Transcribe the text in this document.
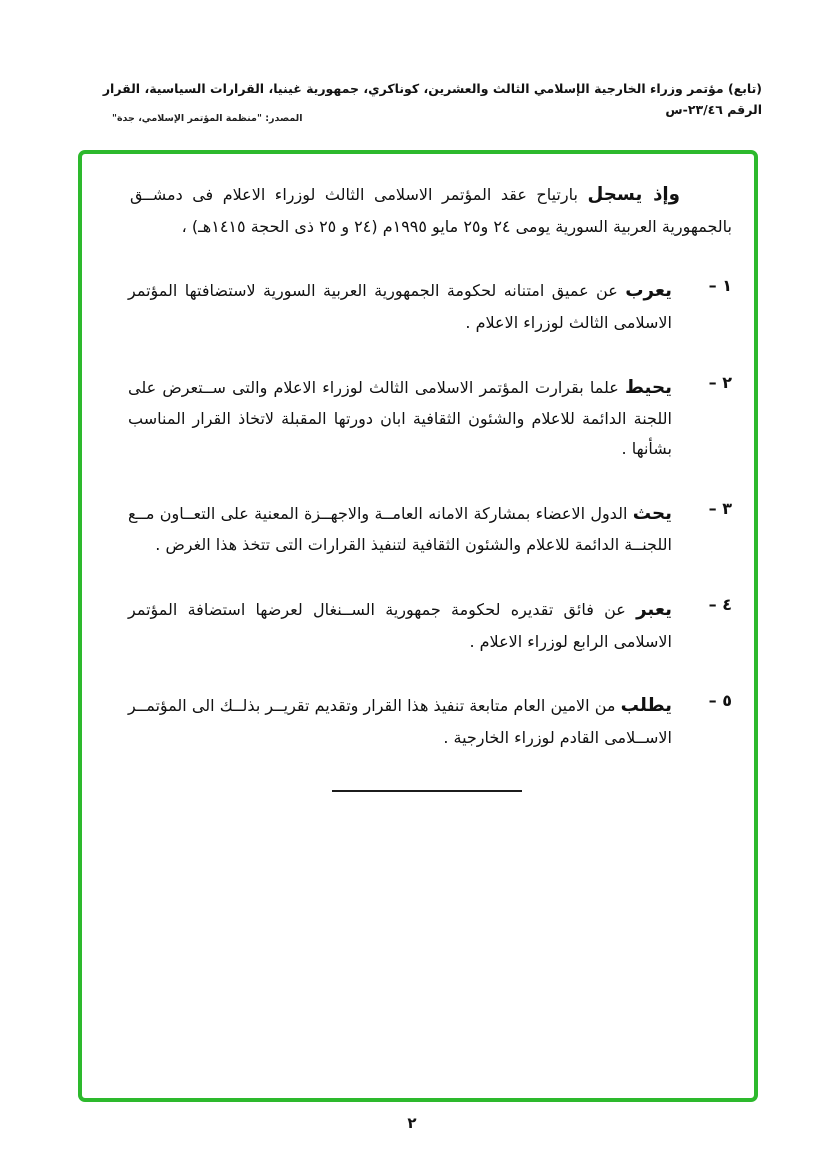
(تابع) مؤتمر وزراء الخارجية الإسلامي الثالث والعشرين، كوناكري، جمهورية غينيا، القرارات السياسية، القرار الرقم ٢٣/٤٦-س
المصدر: "منظمة المؤتمر الإسلامي، جدة"

وإذ يسجل بارتياح عقد المؤتمر الاسلامى الثالث لوزراء الاعلام فى دمشــق بالجمهورية العربية السورية يومى ٢٤ و٢٥ مايو ١٩٩٥م (٢٤ و ٢٥ ذى الحجة ١٤١٥هـ) ،

١ –

يعرب عن عميق امتنانه لحكومة الجمهورية العربية السورية لاستضافتها المؤتمر الاسلامى الثالث لوزراء الاعلام .

٢ –

يحيط علما بقرارت المؤتمر الاسلامى الثالث لوزراء الاعلام والتى ســتعرض على اللجنة الدائمة للاعلام والشئون الثقافية ابان دورتها المقبلة لاتخاذ القرار المناسب بشأنها .

٣ –

يحث الدول الاعضاء بمشاركة الامانه العامــة والاجهــزة المعنية على التعــاون مــع اللجنــة الدائمة للاعلام والشئون الثقافية لتنفيذ القرارات التى تتخذ هذا الغرض .

٤ –

يعبر عن فائق تقديره لحكومة جمهورية الســنغال لعرضها استضافة المؤتمر الاسلامى الرابع لوزراء الاعلام .

٥ –

يطلب من الامين العام متابعة تنفيذ هذا القرار وتقديم تقريــر بذلــك الى المؤتمــر الاســلامى القادم لوزراء الخارجية .

٢
